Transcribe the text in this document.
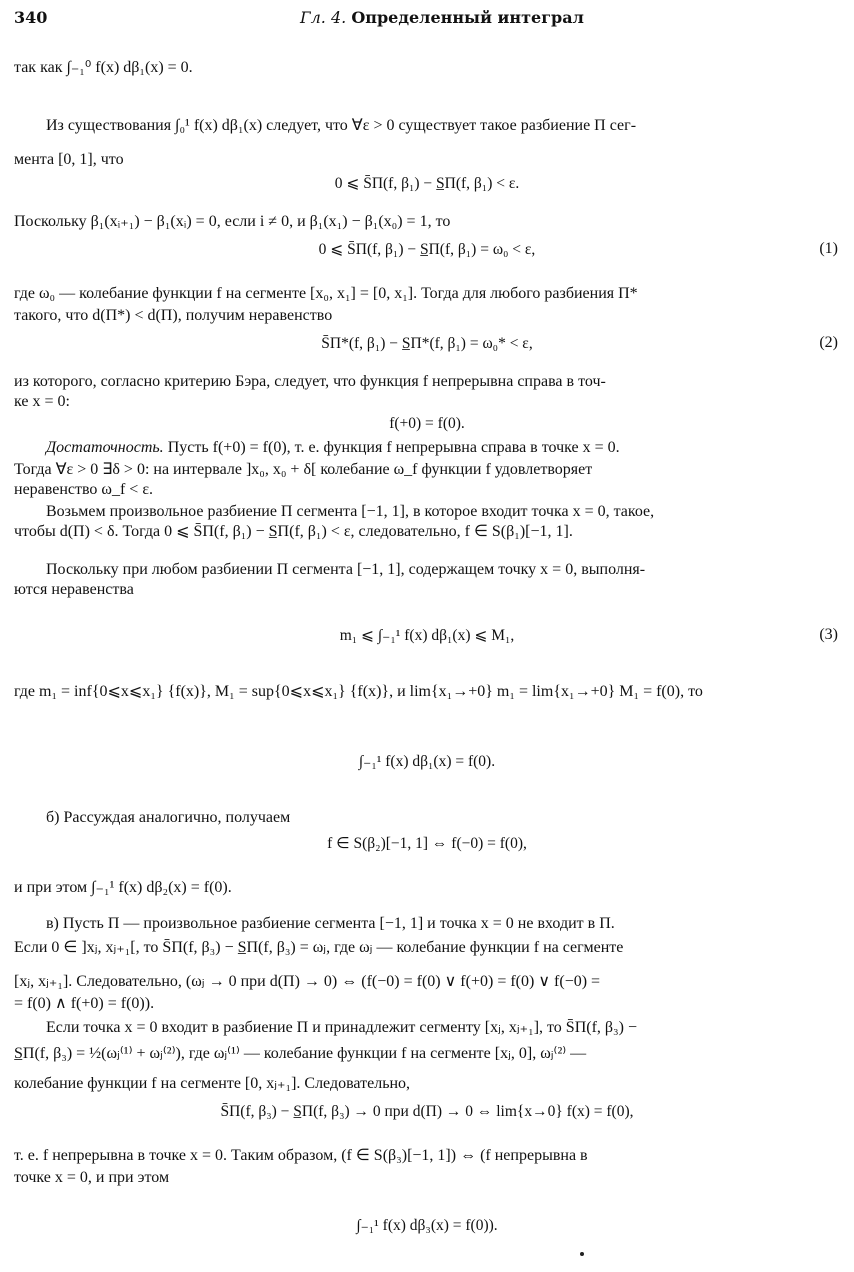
340	Гл. 4. Определенный интеграл
так как ∫₋₁⁰ f(x) dβ₁(x) = 0.
Из существования ∫₀¹ f(x) dβ₁(x) следует, что ∀ε > 0 существует такое разбиение Π сег-
мента [0, 1], что
0 ⩽ S̄Π(f, β₁) − S̲Π(f, β₁) < ε.
Поскольку β₁(xᵢ₊₁) − β₁(xᵢ) = 0, если i ≠ 0, и β₁(x₁) − β₁(x₀) = 1, то
0 ⩽ S̄Π(f, β₁) − S̲Π(f, β₁) = ω₀ < ε,	(1)
где ω₀ — колебание функции f на сегменте [x₀, x₁] = [0, x₁]. Тогда для любого разбиения Π*
такого, что d(Π*) < d(Π), получим неравенство
S̄Π*(f, β₁) − S̲Π*(f, β₁) = ω₀* < ε,	(2)
из которого, согласно критерию Бэра, следует, что функция f непрерывна справа в точ-
ке x = 0:
f(+0) = f(0).
Достаточность. Пусть f(+0) = f(0), т. е. функция f непрерывна справа в точке x = 0.
Тогда ∀ε > 0 ∃δ > 0: на интервале ]x₀, x₀ + δ[ колебание ω_f функции f удовлетворяет
неравенство ω_f < ε.
Возьмем произвольное разбиение Π сегмента [−1, 1], в которое входит точка x = 0, такое,
чтобы d(Π) < δ. Тогда 0 ⩽ S̄Π(f, β₁) − S̲Π(f, β₁) < ε, следовательно, f ∈ S(β₁)[−1, 1].
Поскольку при любом разбиении Π сегмента [−1, 1], содержащем точку x = 0, выполня-
ются неравенства
m₁ ⩽ ∫₋₁¹ f(x) dβ₁(x) ⩽ M₁,	(3)
где m₁ = inf{0⩽x⩽x₁} {f(x)}, M₁ = sup{0⩽x⩽x₁} {f(x)}, и lim{x₁→+0} m₁ = lim{x₁→+0} M₁ = f(0), то
∫₋₁¹ f(x) dβ₁(x) = f(0).
б) Рассуждая аналогично, получаем
f ∈ S(β₂)[−1, 1] ⇔ f(−0) = f(0),
и при этом ∫₋₁¹ f(x) dβ₂(x) = f(0).
в) Пусть Π — произвольное разбиение сегмента [−1, 1] и точка x = 0 не входит в Π.
Если 0 ∈ ]xⱼ, xⱼ₊₁[, то S̄Π(f, β₃) − S̲Π(f, β₃) = ωⱼ, где ωⱼ — колебание функции f на сегменте
[xⱼ, xⱼ₊₁]. Следовательно, (ωⱼ → 0 при d(Π) → 0) ⇔ (f(−0) = f(0) ∨ f(+0) = f(0) ∨ f(−0) =
= f(0) ∧ f(+0) = f(0)).
Если точка x = 0 входит в разбиение Π и принадлежит сегменту [xⱼ, xⱼ₊₁], то S̄Π(f, β₃) −
S̲Π(f, β₃) = ½(ωⱼ⁽¹⁾ + ωⱼ⁽²⁾), где ωⱼ⁽¹⁾ — колебание функции f на сегменте [xⱼ, 0], ωⱼ⁽²⁾ —
колебание функции f на сегменте [0, xⱼ₊₁]. Следовательно,
S̄Π(f, β₃) − S̲Π(f, β₃) → 0 при d(Π) → 0 ⇔ lim{x→0} f(x) = f(0),
т. е. f непрерывна в точке x = 0. Таким образом, (f ∈ S(β₃)[−1, 1]) ⇔ (f непрерывна в
точке x = 0, и при этом
∫₋₁¹ f(x) dβ₃(x) = f(0)).
